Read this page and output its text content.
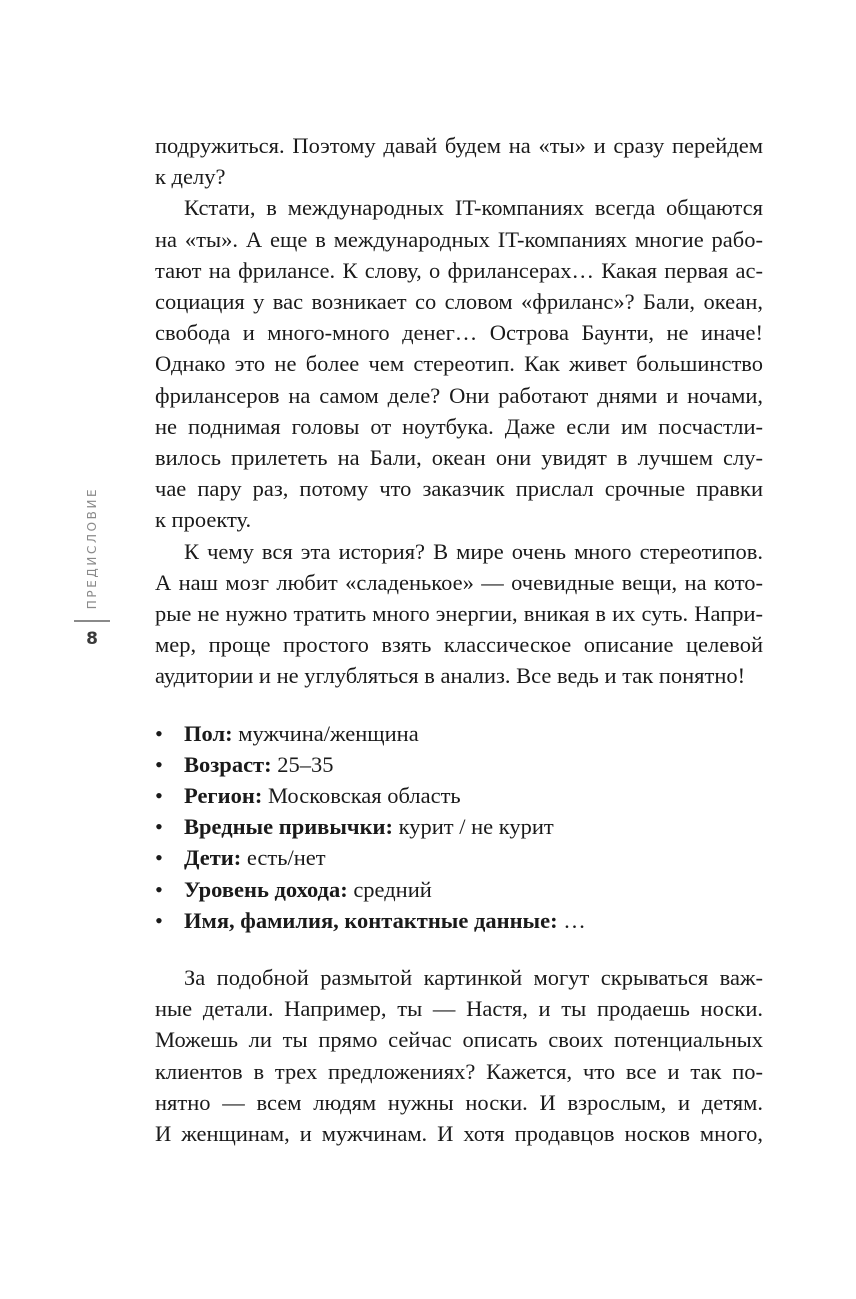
ПРЕДИСЛОВИЕ
8

подружиться. Поэтому давай будем на «ты» и сразу перейдем
к делу?

Кстати, в международных IT-компаниях всегда общаются
на «ты». А еще в международных IT-компаниях многие рабо-
тают на фрилансе. К слову, о фрилансерах… Какая первая ас-
социация у вас возникает со словом «фриланс»? Бали, океан,
свобода и много-много денег… Острова Баунти, не иначе!
Однако это не более чем стереотип. Как живет большинство
фрилансеров на самом деле? Они работают днями и ночами,
не поднимая головы от ноутбука. Даже если им посчастли-
вилось прилететь на Бали, океан они увидят в лучшем слу-
чае пару раз, потому что заказчик прислал срочные правки
к проекту.

К чему вся эта история? В мире очень много стереотипов.
А наш мозг любит «сладенькое» — очевидные вещи, на кото-
рые не нужно тратить много энергии, вникая в их суть. Напри-
мер, проще простого взять классическое описание целевой
аудитории и не углубляться в анализ. Все ведь и так понятно!

• Пол: мужчина/женщина
• Возраст: 25–35
• Регион: Московская область
• Вредные привычки: курит / не курит
• Дети: есть/нет
• Уровень дохода: средний
• Имя, фамилия, контактные данные: …

За подобной размытой картинкой могут скрываться важ-
ные детали. Например, ты — Настя, и ты продаешь носки.
Можешь ли ты прямо сейчас описать своих потенциальных
клиентов в трех предложениях? Кажется, что все и так по-
нятно — всем людям нужны носки. И взрослым, и детям.
И женщинам, и мужчинам. И хотя продавцов носков много,
